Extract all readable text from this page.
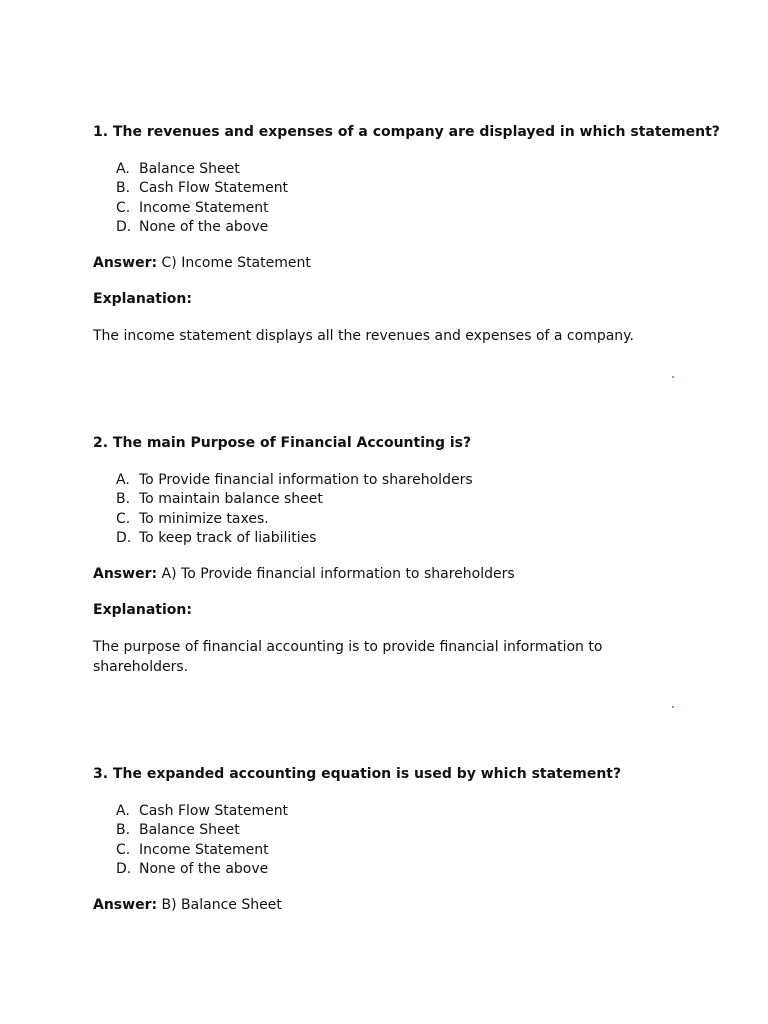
1. The revenues and expenses of a company are displayed in which statement?

A. Balance Sheet
B. Cash Flow Statement
C. Income Statement
D. None of the above

Answer: C) Income Statement

Explanation:

The income statement displays all the revenues and expenses of a company.

2. The main Purpose of Financial Accounting is?

A. To Provide financial information to shareholders
B. To maintain balance sheet
C. To minimize taxes.
D. To keep track of liabilities

Answer: A) To Provide financial information to shareholders

Explanation:

The purpose of financial accounting is to provide financial information to shareholders.

3. The expanded accounting equation is used by which statement?

A. Cash Flow Statement
B. Balance Sheet
C. Income Statement
D. None of the above

Answer: B) Balance Sheet
